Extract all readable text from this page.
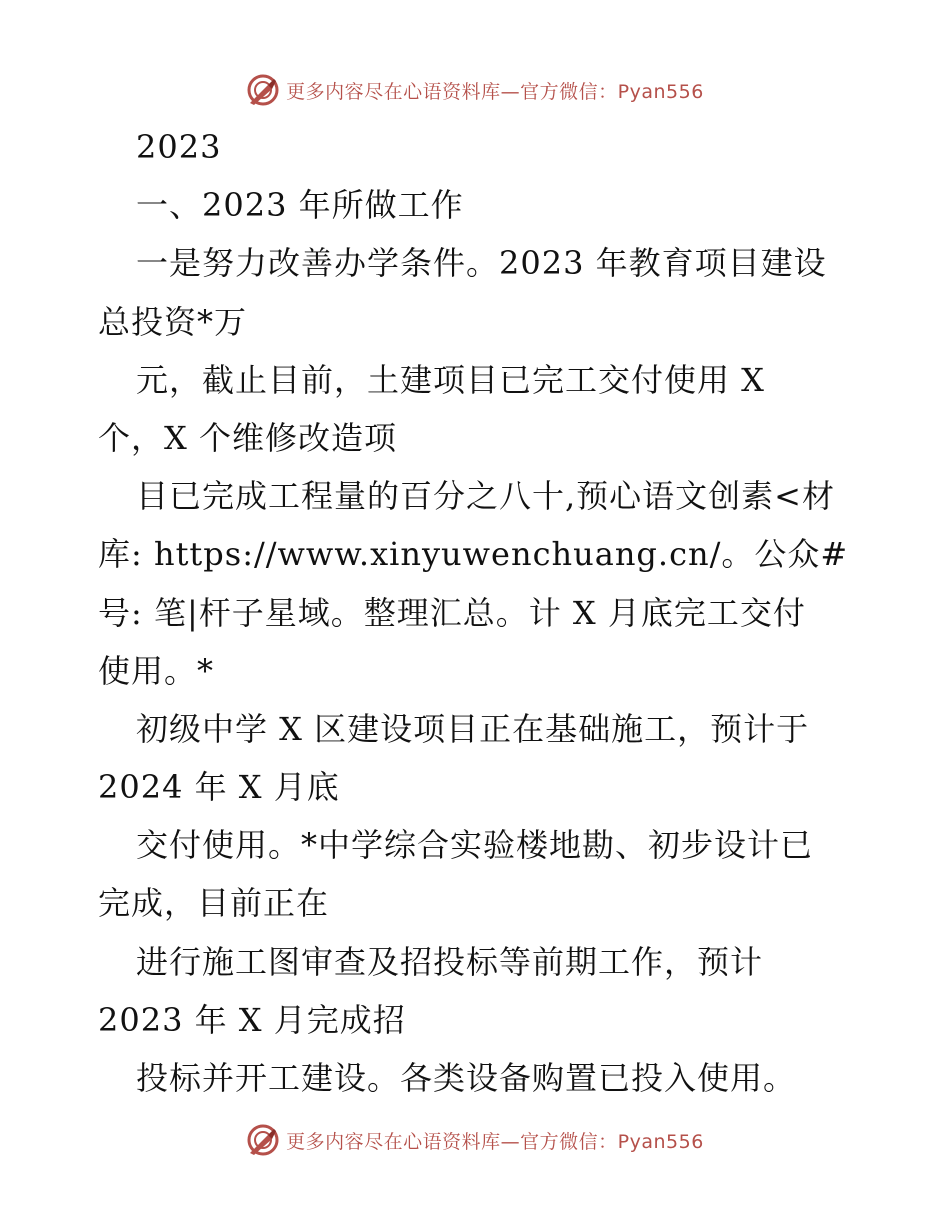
更多内容尽在心语资料库—官方微信：Pyan556
2023
一、2023 年所做工作
一是努力改善办学条件。2023 年教育项目建设
总投资*万
元，截止目前，土建项目已完工交付使用 X
个，X 个维修改造项
目已完成工程量的百分之八十,预心语文创素<材
库: https://www.xinyuwenchuang.cn/。公众#
号: 笔|杆子星域。整理汇总。计 X 月底完工交付
使用。*
初级中学 X 区建设项目正在基础施工，预计于
2024 年 X 月底
交付使用。*中学综合实验楼地勘、初步设计已
完成，目前正在
进行施工图审查及招投标等前期工作，预计
2023 年 X 月完成招
投标并开工建设。各类设备购置已投入使用。
更多内容尽在心语资料库—官方微信：Pyan556
